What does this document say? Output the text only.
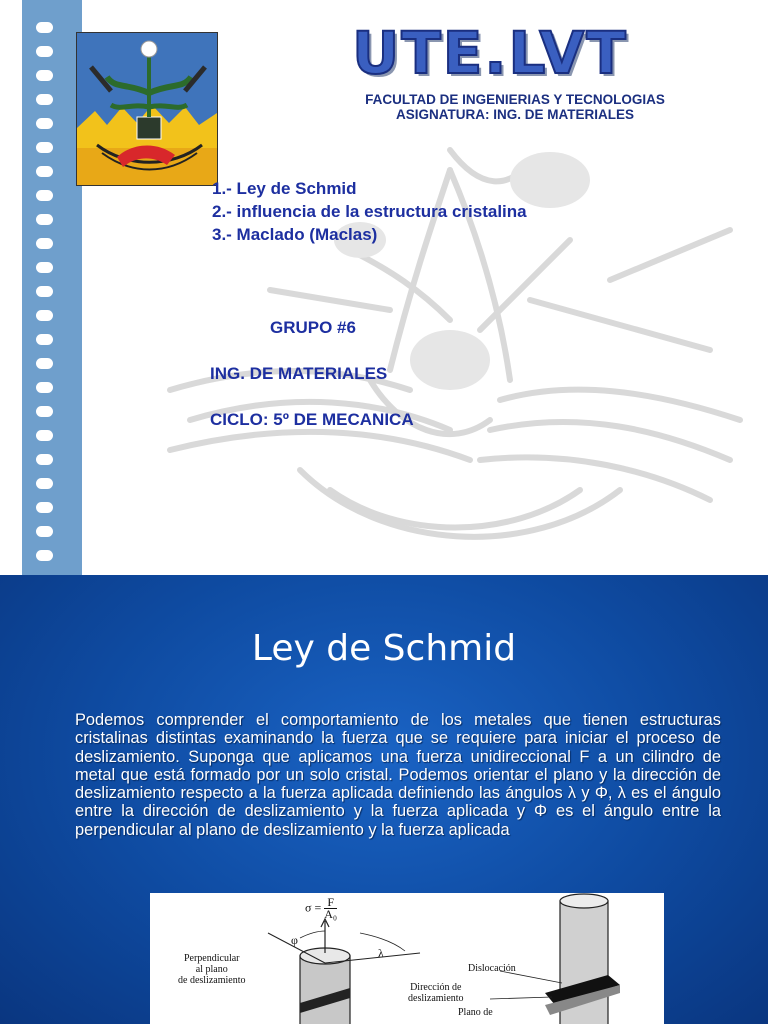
UTE.LVT
FACULTAD DE INGENIERIAS Y TECNOLOGIAS
ASIGNATURA: ING. DE MATERIALES
1.- Ley de Schmid
2.- influencia de la estructura cristalina
3.- Maclado (Maclas)
GRUPO #6
ING. DE MATERIALES
CICLO: 5º DE MECANICA
Ley de Schmid
Podemos comprender el comportamiento de los metales que tienen estructuras cristalinas distintas examinando la fuerza que se requiere para iniciar el proceso de deslizamiento. Suponga que aplicamos una fuerza unidireccional F a un cilindro de metal que está formado por un solo cristal. Podemos orientar el plano y la dirección de deslizamiento respecto a la fuerza aplicada definiendo las ángulos λ y Φ, λ es el ángulo entre la dirección de deslizamiento y la fuerza aplicada y Φ es el ángulo entre la perpendicular al plano de deslizamiento y la fuerza aplicada
$\sigma = \frac{F}{\text{A₀}}$
φ
λ
Perpendicular
al plano
de deslizamiento
Dirección de
deslizamiento
Dislocación
Plano de
